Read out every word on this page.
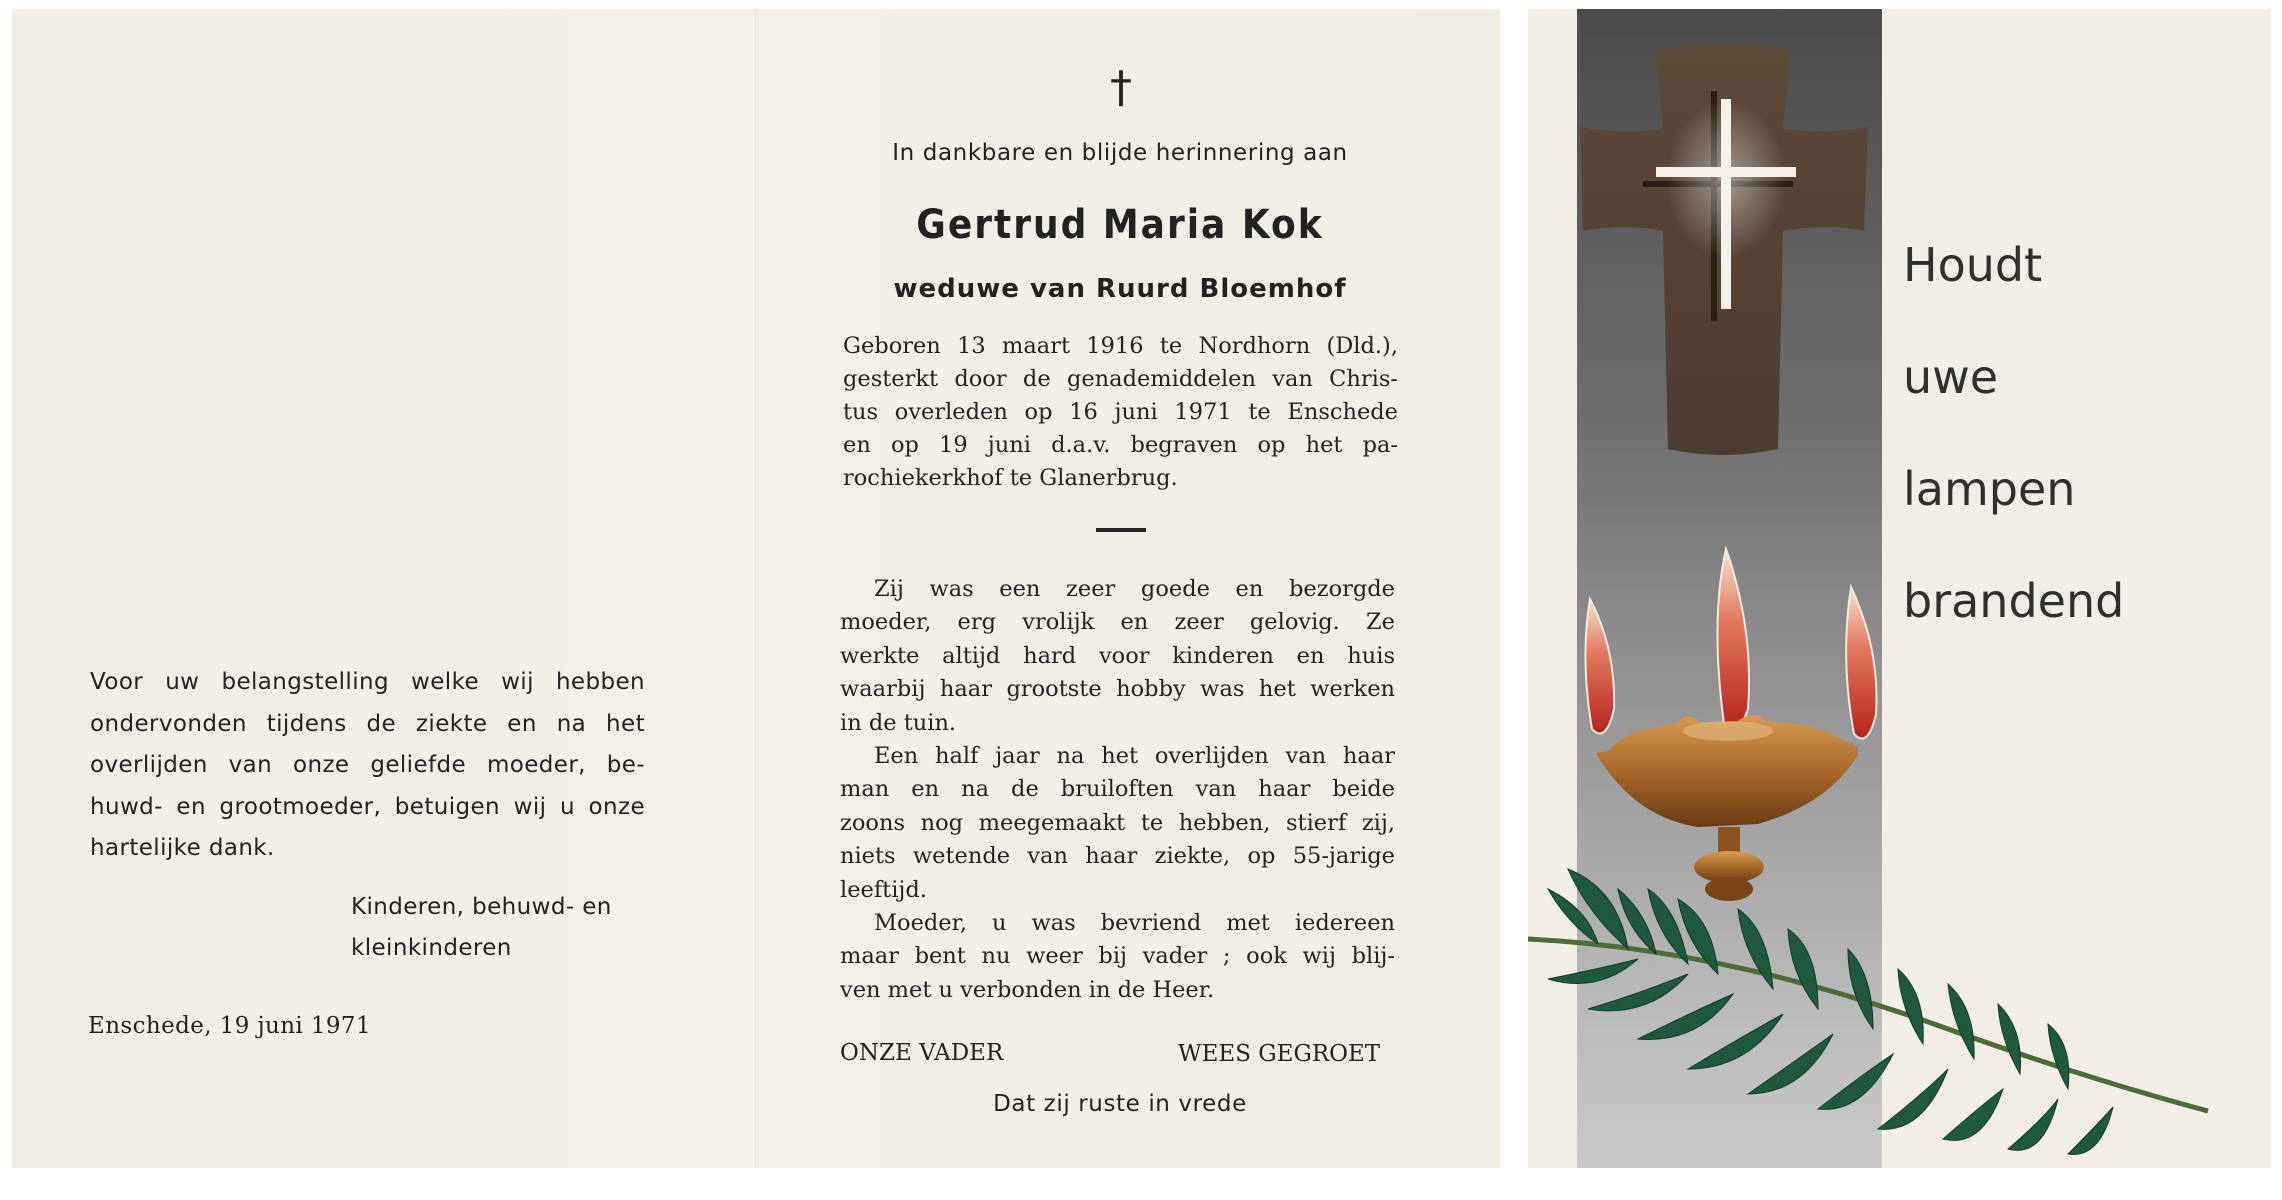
Voor uw belangstelling welke wij hebben
ondervonden tijdens de ziekte en na het
overlijden van onze geliefde moeder, be-
huwd- en grootmoeder, betuigen wij u onze
hartelijke dank.
Kinderen, behuwd- en
kleinkinderen
Enschede, 19 juni 1971
†
In dankbare en blijde herinnering aan
Gertrud Maria Kok
weduwe van Ruurd Bloemhof
Geboren 13 maart 1916 te Nordhorn (Dld.),
gesterkt door de genademiddelen van Chris-
tus overleden op 16 juni 1971 te Enschede
en op 19 juni d.a.v. begraven op het pa-
rochiekerkhof te Glanerbrug.
Zij was een zeer goede en bezorgde
moeder, erg vrolijk en zeer gelovig. Ze
werkte altijd hard voor kinderen en huis
waarbij haar grootste hobby was het werken
in de tuin.
Een half jaar na het overlijden van haar
man en na de bruiloften van haar beide
zoons nog meegemaakt te hebben, stierf zij,
niets wetende van haar ziekte, op 55-jarige
leeftijd.
Moeder, u was bevriend met iedereen
maar bent nu weer bij vader ; ook wij blij-
ven met u verbonden in de Heer.
ONZE VADER	WEES GEGROET
Dat zij ruste in vrede
Houdt
uwe
lampen
brandend
